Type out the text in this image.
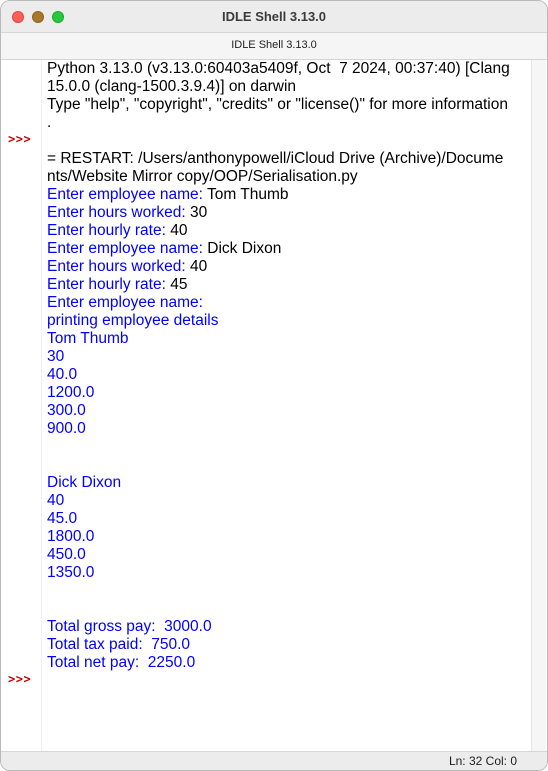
IDLE Shell 3.13.0
IDLE Shell 3.13.0
>>>
>>>
Python 3.13.0 (v3.13.0:60403a5409f, Oct  7 2024, 00:37:40) [Clang
15.0.0 (clang-1500.3.9.4)] on darwin
Type "help", "copyright", "credits" or "license()" for more information
.
= RESTART: /Users/anthonypowell/iCloud Drive (Archive)/Docume
nts/Website Mirror copy/OOP/Serialisation.py
Enter employee name: Tom Thumb
Enter hours worked: 30
Enter hourly rate: 40
Enter employee name: Dick Dixon
Enter hours worked: 40
Enter hourly rate: 45
Enter employee name:
printing employee details
Tom Thumb
30
40.0
1200.0
300.0
900.0
Dick Dixon
40
45.0
1800.0
450.0
1350.0
Total gross pay:  3000.0
Total tax paid:  750.0
Total net pay:  2250.0
Ln: 32 Col: 0
